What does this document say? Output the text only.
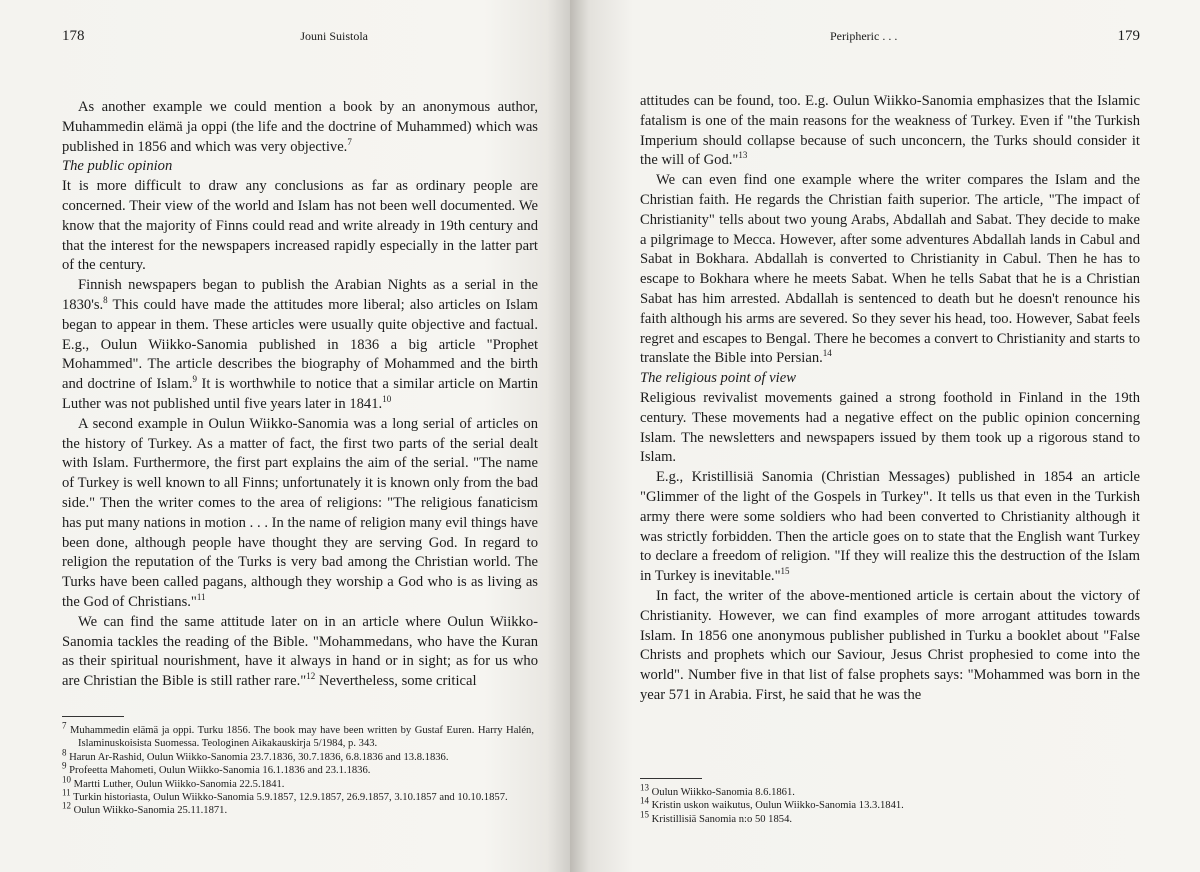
178	Jouni Suistola

As another example we could mention a book by an anonymous author, Muhammedin elämä ja oppi (the life and the doctrine of Muhammed) which was published in 1856 and which was very objective.$^7$

The public opinion

It is more difficult to draw any conclusions as far as ordinary people are concerned. Their view of the world and Islam has not been well documented. We know that the majority of Finns could read and write already in 19th century and that the interest for the newspapers increased rapidly especially in the latter part of the century.

Finnish newspapers began to publish the Arabian Nights as a serial in the 1830's.$^8$ This could have made the attitudes more liberal; also articles on Islam began to appear in them. These articles were usually quite objective and factual. E.g., Oulun Wiikko-Sanomia published in 1836 a big article "Prophet Mohammed". The article describes the biography of Mohammed and the birth and doctrine of Islam.$^9$ It is worthwhile to notice that a similar article on Martin Luther was not published until five years later in 1841.10

A second example in Oulun Wiikko-Sanomia was a long serial of articles on the history of Turkey. As a matter of fact, the first two parts of the serial dealt with Islam. Furthermore, the first part explains the aim of the serial. "The name of Turkey is well known to all Finns; unfortunately it is known only from the bad side." Then the writer comes to the area of religions: "The religious fanaticism has put many nations in motion . . . In the name of religion many evil things have been done, although people have thought they are serving God. In regard to religion the reputation of the Turks is very bad among the Christian world. The Turks have been called pagans, although they worship a God who is as living as the God of Christians."$^{11}$

We can find the same attitude later on in an article where Oulun Wiikko-Sanomia tackles the reading of the Bible. "Mohammedans, who have the Kuran as their spiritual nourishment, have it always in hand or in sight; as for us who are Christian the Bible is still rather rare."$^{12}$ Nevertheless, some critical

$^7$ Muhammedin elämä ja oppi. Turku 1856. The book may have been written by Gustaf Euren. Harry Halén, Islaminuskoisista Suomessa. Teologinen Aikakauskirja 5/1984, p. 343.
$^8$ Harun Ar-Rashid, Oulun Wiikko-Sanomia 23.7.1836, 30.7.1836, 6.8.1836 and 13.8.1836.
$^9$ Profeetta Mahometi, Oulun Wiikko-Sanomia 16.1.1836 and 23.1.1836.
$^{10}$ Martti Luther, Oulun Wiikko-Sanomia 22.5.1841.
$^{11}$ Turkin historiasta, Oulun Wiikko-Sanomia 5.9.1857, 12.9.1857, 26.9.1857, 3.10.1857 and 10.10.1857.
$^{12}$ Oulun Wiikko-Sanomia 25.11.1871.
Peripheric . . .	179

attitudes can be found, too. E.g. Oulun Wiikko-Sanomia emphasizes that the Islamic fatalism is one of the main reasons for the weakness of Turkey. Even if "the Turkish Imperium should collapse because of such unconcern, the Turks should consider it the will of God."$^{13}$

We can even find one example where the writer compares the Islam and the Christian faith. He regards the Christian faith superior. The article, "The impact of Christianity" tells about two young Arabs, Abdallah and Sabat. They decide to make a pilgrimage to Mecca. However, after some adventures Abdallah lands in Cabul and Sabat in Bokhara. Abdallah is converted to Christianity in Cabul. Then he has to escape to Bokhara where he meets Sabat. When he tells Sabat that he is a Christian Sabat has him arrested. Abdallah is sentenced to death but he doesn't renounce his faith although his arms are severed. So they sever his head, too. However, Sabat feels regret and escapes to Bengal. There he becomes a convert to Christianity and starts to translate the Bible into Persian.$^{14}$

The religious point of view

Religious revivalist movements gained a strong foothold in Finland in the 19th century. These movements had a negative effect on the public opinion concerning Islam. The newsletters and newspapers issued by them took up a rigorous stand to Islam.

E.g., Kristillisiä Sanomia (Christian Messages) published in 1854 an article "Glimmer of the light of the Gospels in Turkey". It tells us that even in the Turkish army there were some soldiers who had been converted to Christianity although it was strictly forbidden. Then the article goes on to state that the English want Turkey to declare a freedom of religion. "If they will realize this the destruction of the Islam in Turkey is inevitable."$^{15}$

In fact, the writer of the above-mentioned article is certain about the victory of Christianity. However, we can find examples of more arrogant attitudes towards Islam. In 1856 one anonymous publisher published in Turku a booklet about "False Christs and prophets which our Saviour, Jesus Christ prophesied to come into the world". Number five in that list of false prophets says: "Mohammed was born in the year 571 in Arabia. First, he said that he was the

$^{13}$ Oulun Wiikko-Sanomia 8.6.1861.
$^{14}$ Kristin uskon waikutus, Oulun Wiikko-Sanomia 13.3.1841.
$^{15}$ Kristillisiä Sanomia n:o 50 1854.
